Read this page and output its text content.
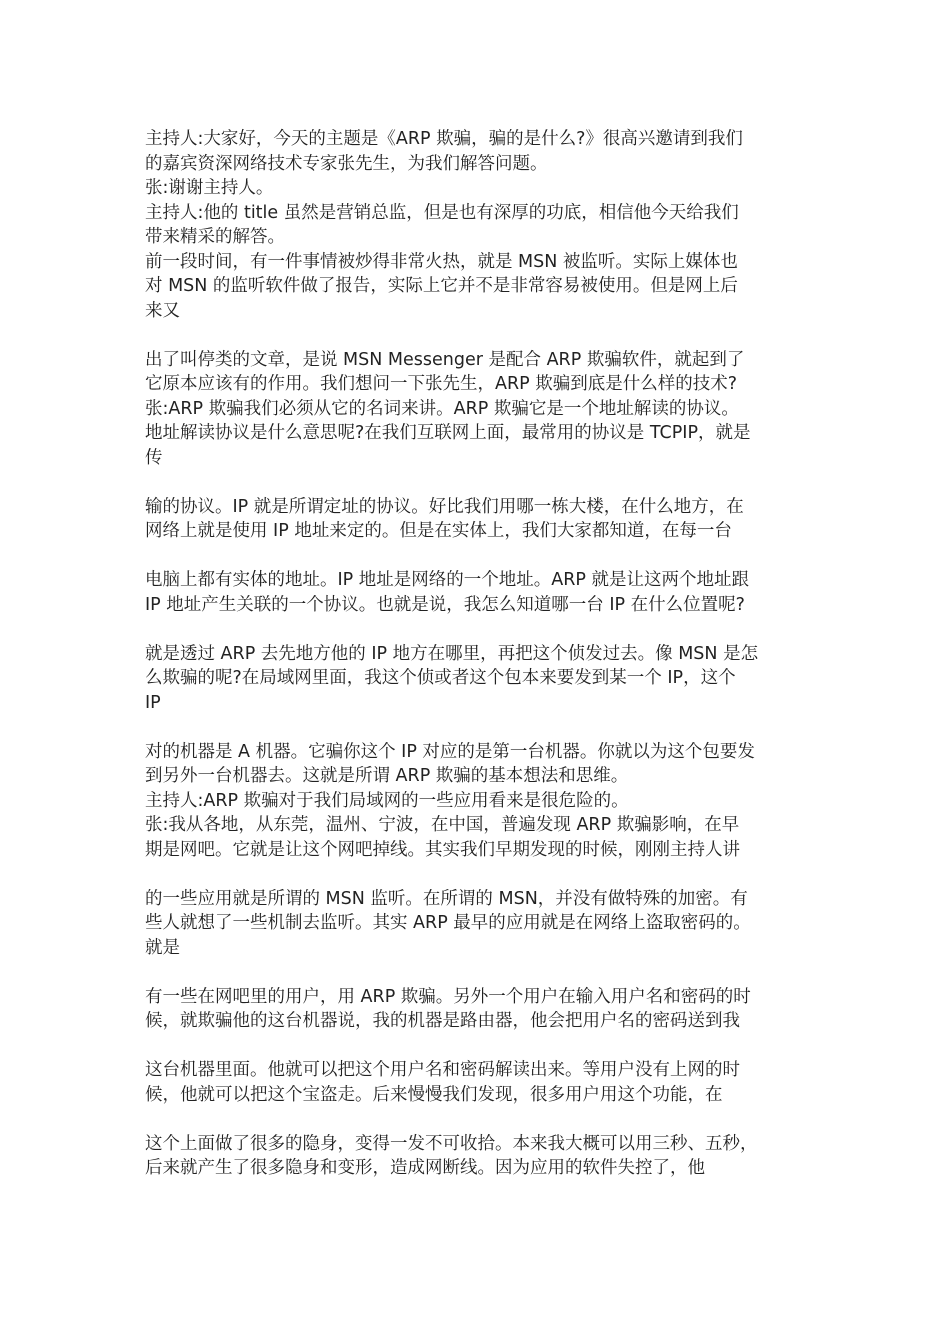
主持人:大家好，今天的主题是《ARP 欺骗，骗的是什么?》很高兴邀请到我们
的嘉宾资深网络技术专家张先生，为我们解答问题。
张:谢谢主持人。
主持人:他的 title 虽然是营销总监，但是也有深厚的功底，相信他今天给我们
带来精采的解答。
前一段时间，有一件事情被炒得非常火热，就是 MSN 被监听。实际上媒体也
对 MSN 的监听软件做了报告，实际上它并不是非常容易被使用。但是网上后
来又
出了叫停类的文章，是说 MSN Messenger 是配合 ARP 欺骗软件，就起到了
它原本应该有的作用。我们想问一下张先生，ARP 欺骗到底是什么样的技术?
张:ARP 欺骗我们必须从它的名词来讲。ARP 欺骗它是一个地址解读的协议。
地址解读协议是什么意思呢?在我们互联网上面，最常用的协议是 TCPIP，就是
传
输的协议。IP 就是所谓定址的协议。好比我们用哪一栋大楼，在什么地方，在
网络上就是使用 IP 地址来定的。但是在实体上，我们大家都知道，在每一台
电脑上都有实体的地址。IP 地址是网络的一个地址。ARP 就是让这两个地址跟
IP 地址产生关联的一个协议。也就是说，我怎么知道哪一台 IP 在什么位置呢?
就是透过 ARP 去先地方他的 IP 地方在哪里，再把这个侦发过去。像 MSN 是怎
么欺骗的呢?在局域网里面，我这个侦或者这个包本来要发到某一个 IP，这个
IP
对的机器是 A 机器。它骗你这个 IP 对应的是第一台机器。你就以为这个包要发
到另外一台机器去。这就是所谓 ARP 欺骗的基本想法和思维。
主持人:ARP 欺骗对于我们局域网的一些应用看来是很危险的。
张:我从各地，从东莞，温州、宁波，在中国，普遍发现 ARP 欺骗影响，在早
期是网吧。它就是让这个网吧掉线。其实我们早期发现的时候，刚刚主持人讲
的一些应用就是所谓的 MSN 监听。在所谓的 MSN，并没有做特殊的加密。有
些人就想了一些机制去监听。其实 ARP 最早的应用就是在网络上盗取密码的。
就是
有一些在网吧里的用户，用 ARP 欺骗。另外一个用户在输入用户名和密码的时
候，就欺骗他的这台机器说，我的机器是路由器，他会把用户名的密码送到我
这台机器里面。他就可以把这个用户名和密码解读出来。等用户没有上网的时
候，他就可以把这个宝盗走。后来慢慢我们发现，很多用户用这个功能，在
这个上面做了很多的隐身，变得一发不可收拾。本来我大概可以用三秒、五秒，
后来就产生了很多隐身和变形，造成网断线。因为应用的软件失控了，他
